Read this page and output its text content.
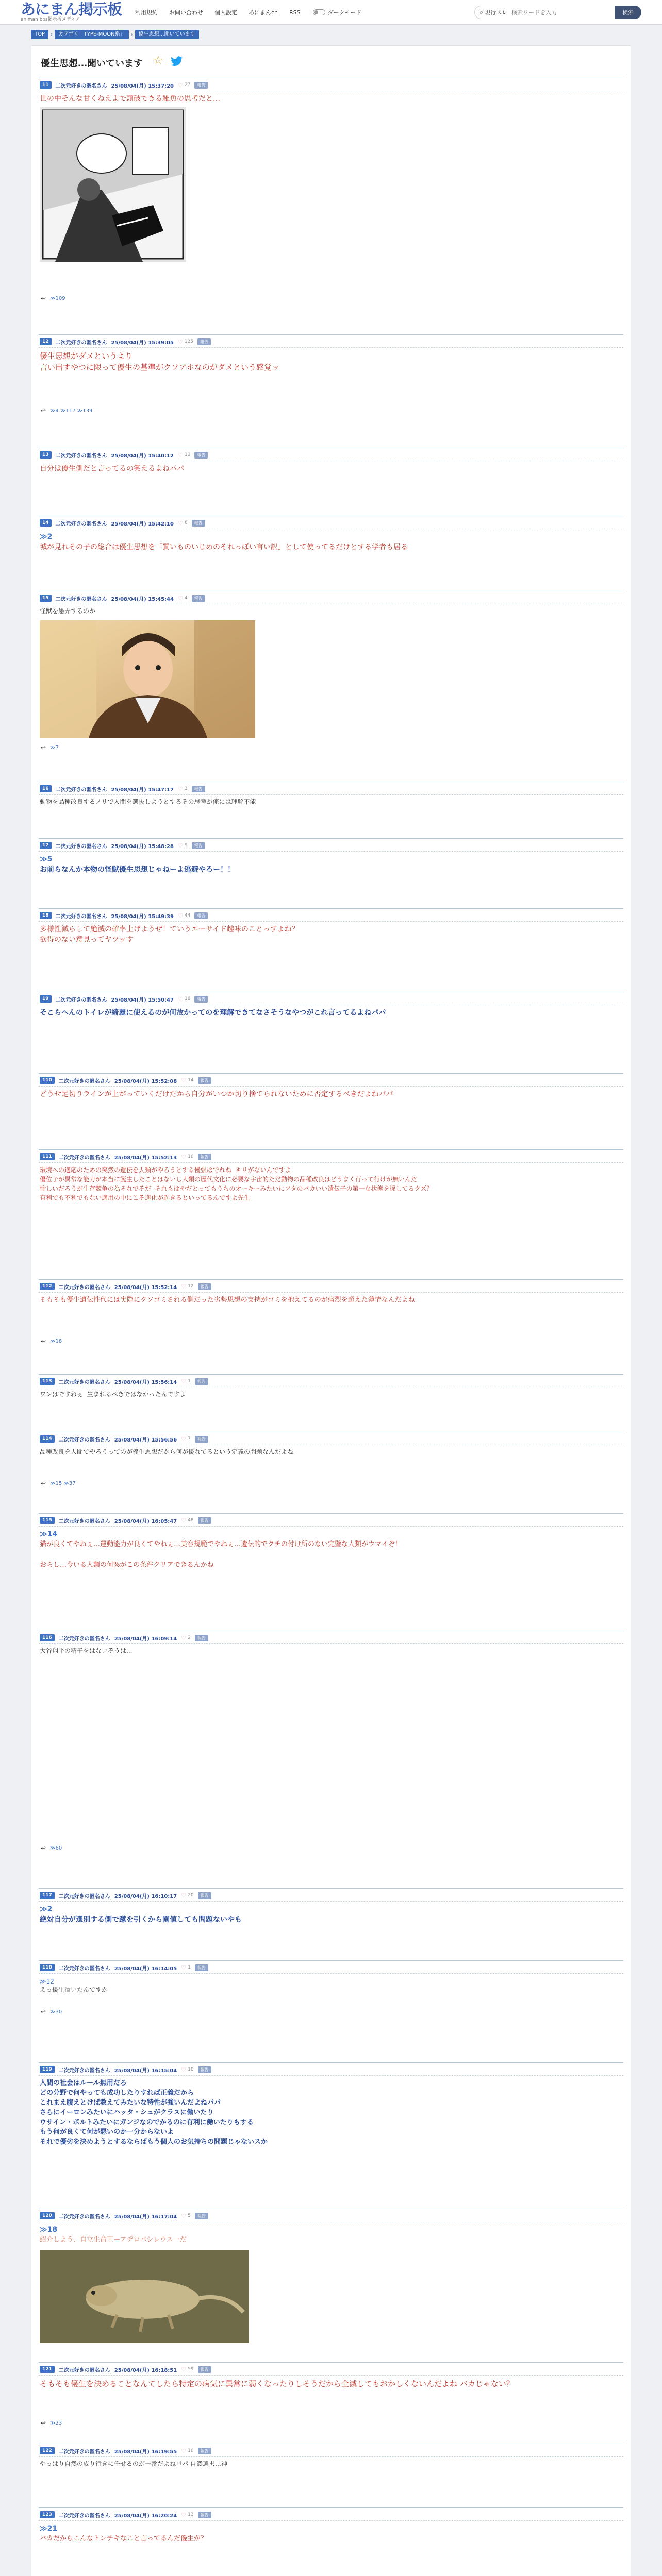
あにまん掲示板
animan bbs掲示板メディア
利用規約 お問い合わせ 個人設定 あにまんch RSS	ダークモード	⌕ 現行スレ
検索ワードを入力	検索
TOP	›	カテゴリ「TYPE-MOON系」	›	優生思想…聞いています
優生思想…聞いています ☆
11	二次元好きの匿名さん 25/08/04(月) 15:37:20 ♡ 27	報告
世の中そんな甘くねえよで頭破できる雑魚の思考だと…
↩ ≫109
12	二次元好きの匿名さん 25/08/04(月) 15:39:05 ♡ 125	報告
優生思想がダメというより
言い出すやつに限って優生の基準がクソアホなのがダメという感覚ッ
↩ ≫4 ≫117 ≫139
13	二次元好きの匿名さん 25/08/04(月) 15:40:12 ♡ 10	報告
自分は優生側だと言ってるの笑えるよねパパ
14	二次元好きの匿名さん 25/08/04(月) 15:42:10 ♡ 6	報告
≫2
城が見れその子の総合は優生思想を「質いものいじめのそれっぽい言い訳」として使ってるだけとする学者も居る
15	二次元好きの匿名さん 25/08/04(月) 15:45:44 ♡ 4	報告
怪獣を愚弄するのか
↩ ≫7
16	二次元好きの匿名さん 25/08/04(月) 15:47:17 ♡ 3	報告
動物を品種改良するノリで人間を選抜しようとするその思考が俺には理解不能
17	二次元好きの匿名さん 25/08/04(月) 15:48:28 ♡ 9	報告
≫5
お前らなんか本物の怪獣優生思想じゃねーよ逃避やろー！！
18	二次元好きの匿名さん 25/08/04(月) 15:49:39 ♡ 44	報告
多様性減らして絶滅の確率上げようぜ！ていうエーサイド趣味のことっすよね？
欲得のない意見ってヤツッす
19	二次元好きの匿名さん 25/08/04(月) 15:50:47 ♡ 16	報告
そこらへんのトイレが綺麗に使えるのが何故かってのを理解できてなさそうなやつがこれ言ってるよねパパ
110	二次元好きの匿名さん 25/08/04(月) 15:52:08 ♡ 14	報告
どうせ足切りラインが上がっていくだけだから自分がいつか切り捨てられないために否定するべきだよねパパ
111	二次元好きの匿名さん 25/08/04(月) 15:52:13 ♡ 10	報告
環境への適応のための突然の遺伝を人類がやろうとする慢張はでれね  キリがないんですよ
優位子が異常な能力が本当に誕生したことはないし人類の歴代文化に必要な宇宙的ただ動物の品種改良はどうまく行って行けが無いんだ
愉しいだろうが生存競争の為それでそだ  それもはやだとってもうちのオーキーみたいにアタのバカいい遺伝子の第一な状態を探してるクズ？
有利でも不利でもない適用の中にこそ進化が起きるといってるんですよ先生
112	二次元好きの匿名さん 25/08/04(月) 15:52:14 ♡ 12	報告
そもそも優生遺伝性代には実際にクソゴミされる側だった劣勢思想の支持がゴミを抱えてるのが痛烈を超えた薄情なんだよね
↩ ≫18
113	二次元好きの匿名さん 25/08/04(月) 15:56:14 ♡ 1	報告
ワンはですねぇ  生まれるべきではなかったんですよ
114	二次元好きの匿名さん 25/08/04(月) 15:56:56 ♡ 7	報告
品種改良を人間でやろうってのが優生思想だから何が優れてるという定義の問題なんだよね
↩ ≫15 ≫37
115	二次元好きの匿名さん 25/08/04(月) 16:05:47 ♡ 48	報告
≫14
猫が良くてやねぇ…運動能力が良くてやねぇ…美容規範でやねぇ…遺伝的でクチの付け所のない完璧な人類がウマイぞ！

おらし…今いる人類の何%がこの条件クリアできるんかね
116	二次元好きの匿名さん 25/08/04(月) 16:09:14 ♡ 2	報告
大谷翔平の精子をはないぞうは...
↩ ≫60
117	二次元好きの匿名さん 25/08/04(月) 16:10:17 ♡ 20	報告
≫2
絶対自分が選別する側で蹴を引くから園値しても問題ないやも
118	二次元好きの匿名さん 25/08/04(月) 16:14:05 ♡ 1	報告
≫12
えっ優生酒いたんですか
↩ ≫30
119	二次元好きの匿名さん 25/08/04(月) 16:15:04 ♡ 10	報告
人間の社会はルール無用だろ
どの分野で何やっても成功したりすれば正義だから
これまえ腹えとけば教えてみたいな特性が強いんだよねパパ
さらにイーロンみたいにハッタ・シュがクラスに働いたり
ウサイン・ボルトみたいにガンジなのでかるのに有利に働いたりもする
もう何が良くて何が悪いのか一分からないよ
それで優劣を決めようとするならばもう個人のお気持ちの問題じゃないスか
120	二次元好きの匿名さん 25/08/04(月) 16:17:04 ♡ 5	報告
≫18
紹介しよう、自立生命王ーアデロバシレウス一だ
121	二次元好きの匿名さん 25/08/04(月) 16:18:51 ♡ 59	報告
そもそも優生を決めることなんてしたら特定の病気に異常に弱くなったりしそうだから全滅してもおかしくないんだよね バカじゃない？
↩ ≫23
122	二次元好きの匿名さん 25/08/04(月) 16:19:55 ♡ 10	報告
やっぱり自然の成り行きに任せるのが一番だよねパパ 自然選択…神
123	二次元好きの匿名さん 25/08/04(月) 16:20:24 ♡ 13	報告
≫21
バカだからこんなトンチキなこと言ってるんだ優生が？
